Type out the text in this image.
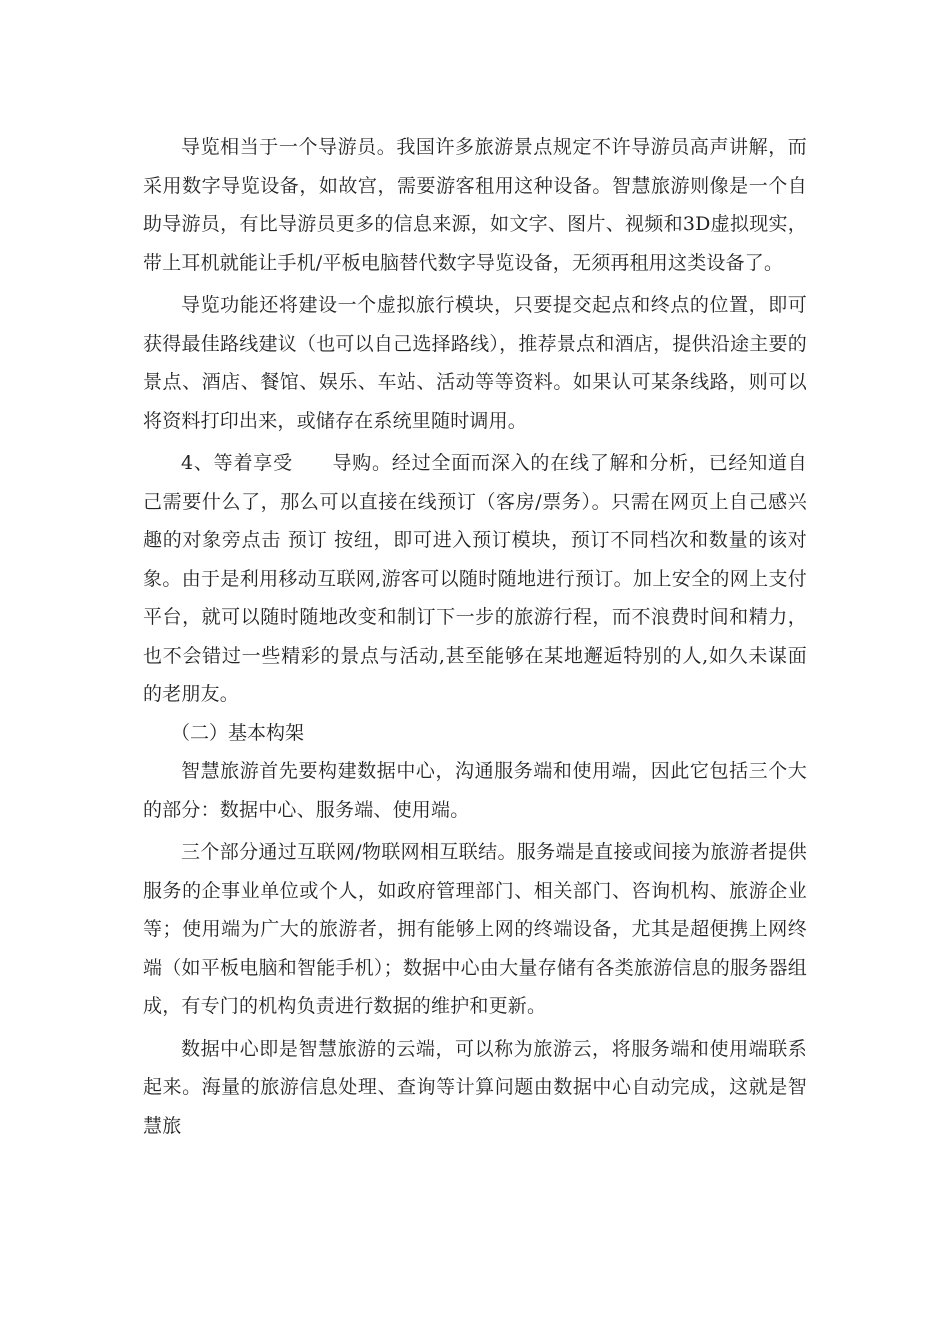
导览相当于一个导游员。我国许多旅游景点规定不许导游员高声讲解，而采用数字导览设备，如故宫，需要游客租用这种设备。智慧旅游则像是一个自助导游员，有比导游员更多的信息来源，如文字、图片、视频和3D虚拟现实，带上耳机就能让手机/平板电脑替代数字导览设备，无须再租用这类设备了。

导览功能还将建设一个虚拟旅行模块，只要提交起点和终点的位置，即可获得最佳路线建议（也可以自己选择路线），推荐景点和酒店，提供沿途主要的景点、酒店、餐馆、娱乐、车站、活动等等资料。如果认可某条线路，则可以将资料打印出来，或储存在系统里随时调用。

4、等着享受　　导购。经过全面而深入的在线了解和分析，已经知道自己需要什么了，那么可以直接在线预订（客房/票务）。只需在网页上自己感兴趣的对象旁点击 预订 按纽，即可进入预订模块，预订不同档次和数量的该对象。由于是利用移动互联网,游客可以随时随地进行预订。加上安全的网上支付平台，就可以随时随地改变和制订下一步的旅游行程，而不浪费时间和精力，也不会错过一些精彩的景点与活动,甚至能够在某地邂逅特别的人,如久未谋面的老朋友。

（二）基本构架

智慧旅游首先要构建数据中心，沟通服务端和使用端，因此它包括三个大的部分：数据中心、服务端、使用端。

三个部分通过互联网/物联网相互联结。服务端是直接或间接为旅游者提供服务的企事业单位或个人，如政府管理部门、相关部门、咨询机构、旅游企业等；使用端为广大的旅游者，拥有能够上网的终端设备，尤其是超便携上网终端（如平板电脑和智能手机）；数据中心由大量存储有各类旅游信息的服务器组成，有专门的机构负责进行数据的维护和更新。

数据中心即是智慧旅游的云端，可以称为旅游云，将服务端和使用端联系起来。海量的旅游信息处理、查询等计算问题由数据中心自动完成，这就是智慧旅
